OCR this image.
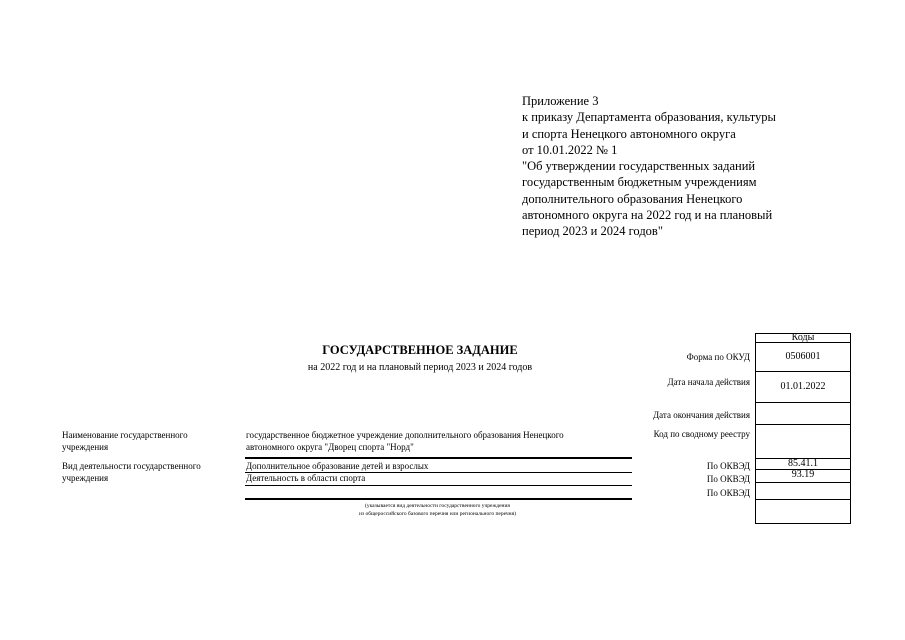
Приложение 3
к приказу Департамента образования, культуры
и спорта Ненецкого автономного округа
от 10.01.2022 № 1
"Об утверждении государственных заданий
государственным бюджетным учреждениям
дополнительного образования Ненецкого
автономного округа на 2022 год и на плановый
период 2023 и 2024 годов"
ГОСУДАРСТВЕННОЕ ЗАДАНИЕ
на 2022 год и на плановый период 2023 и 2024 годов
Коды
0506001
01.01.2022
85.41.1
93.19
Форма по ОКУД
Дата начала действия
Дата окончания действия
Код по сводному реестру
По ОКВЭД
По ОКВЭД
По ОКВЭД
Наименование государственного
учреждения
государственное бюджетное учреждение дополнительного образования Ненецкого
автономного округа "Дворец спорта "Норд"
Вид деятельности государственного
учреждения
Дополнительное образование детей и взрослых
Деятельность в области спорта
(указывается вид деятельности государственного учреждения
из общероссийского базового перечня или регионального перечня)
